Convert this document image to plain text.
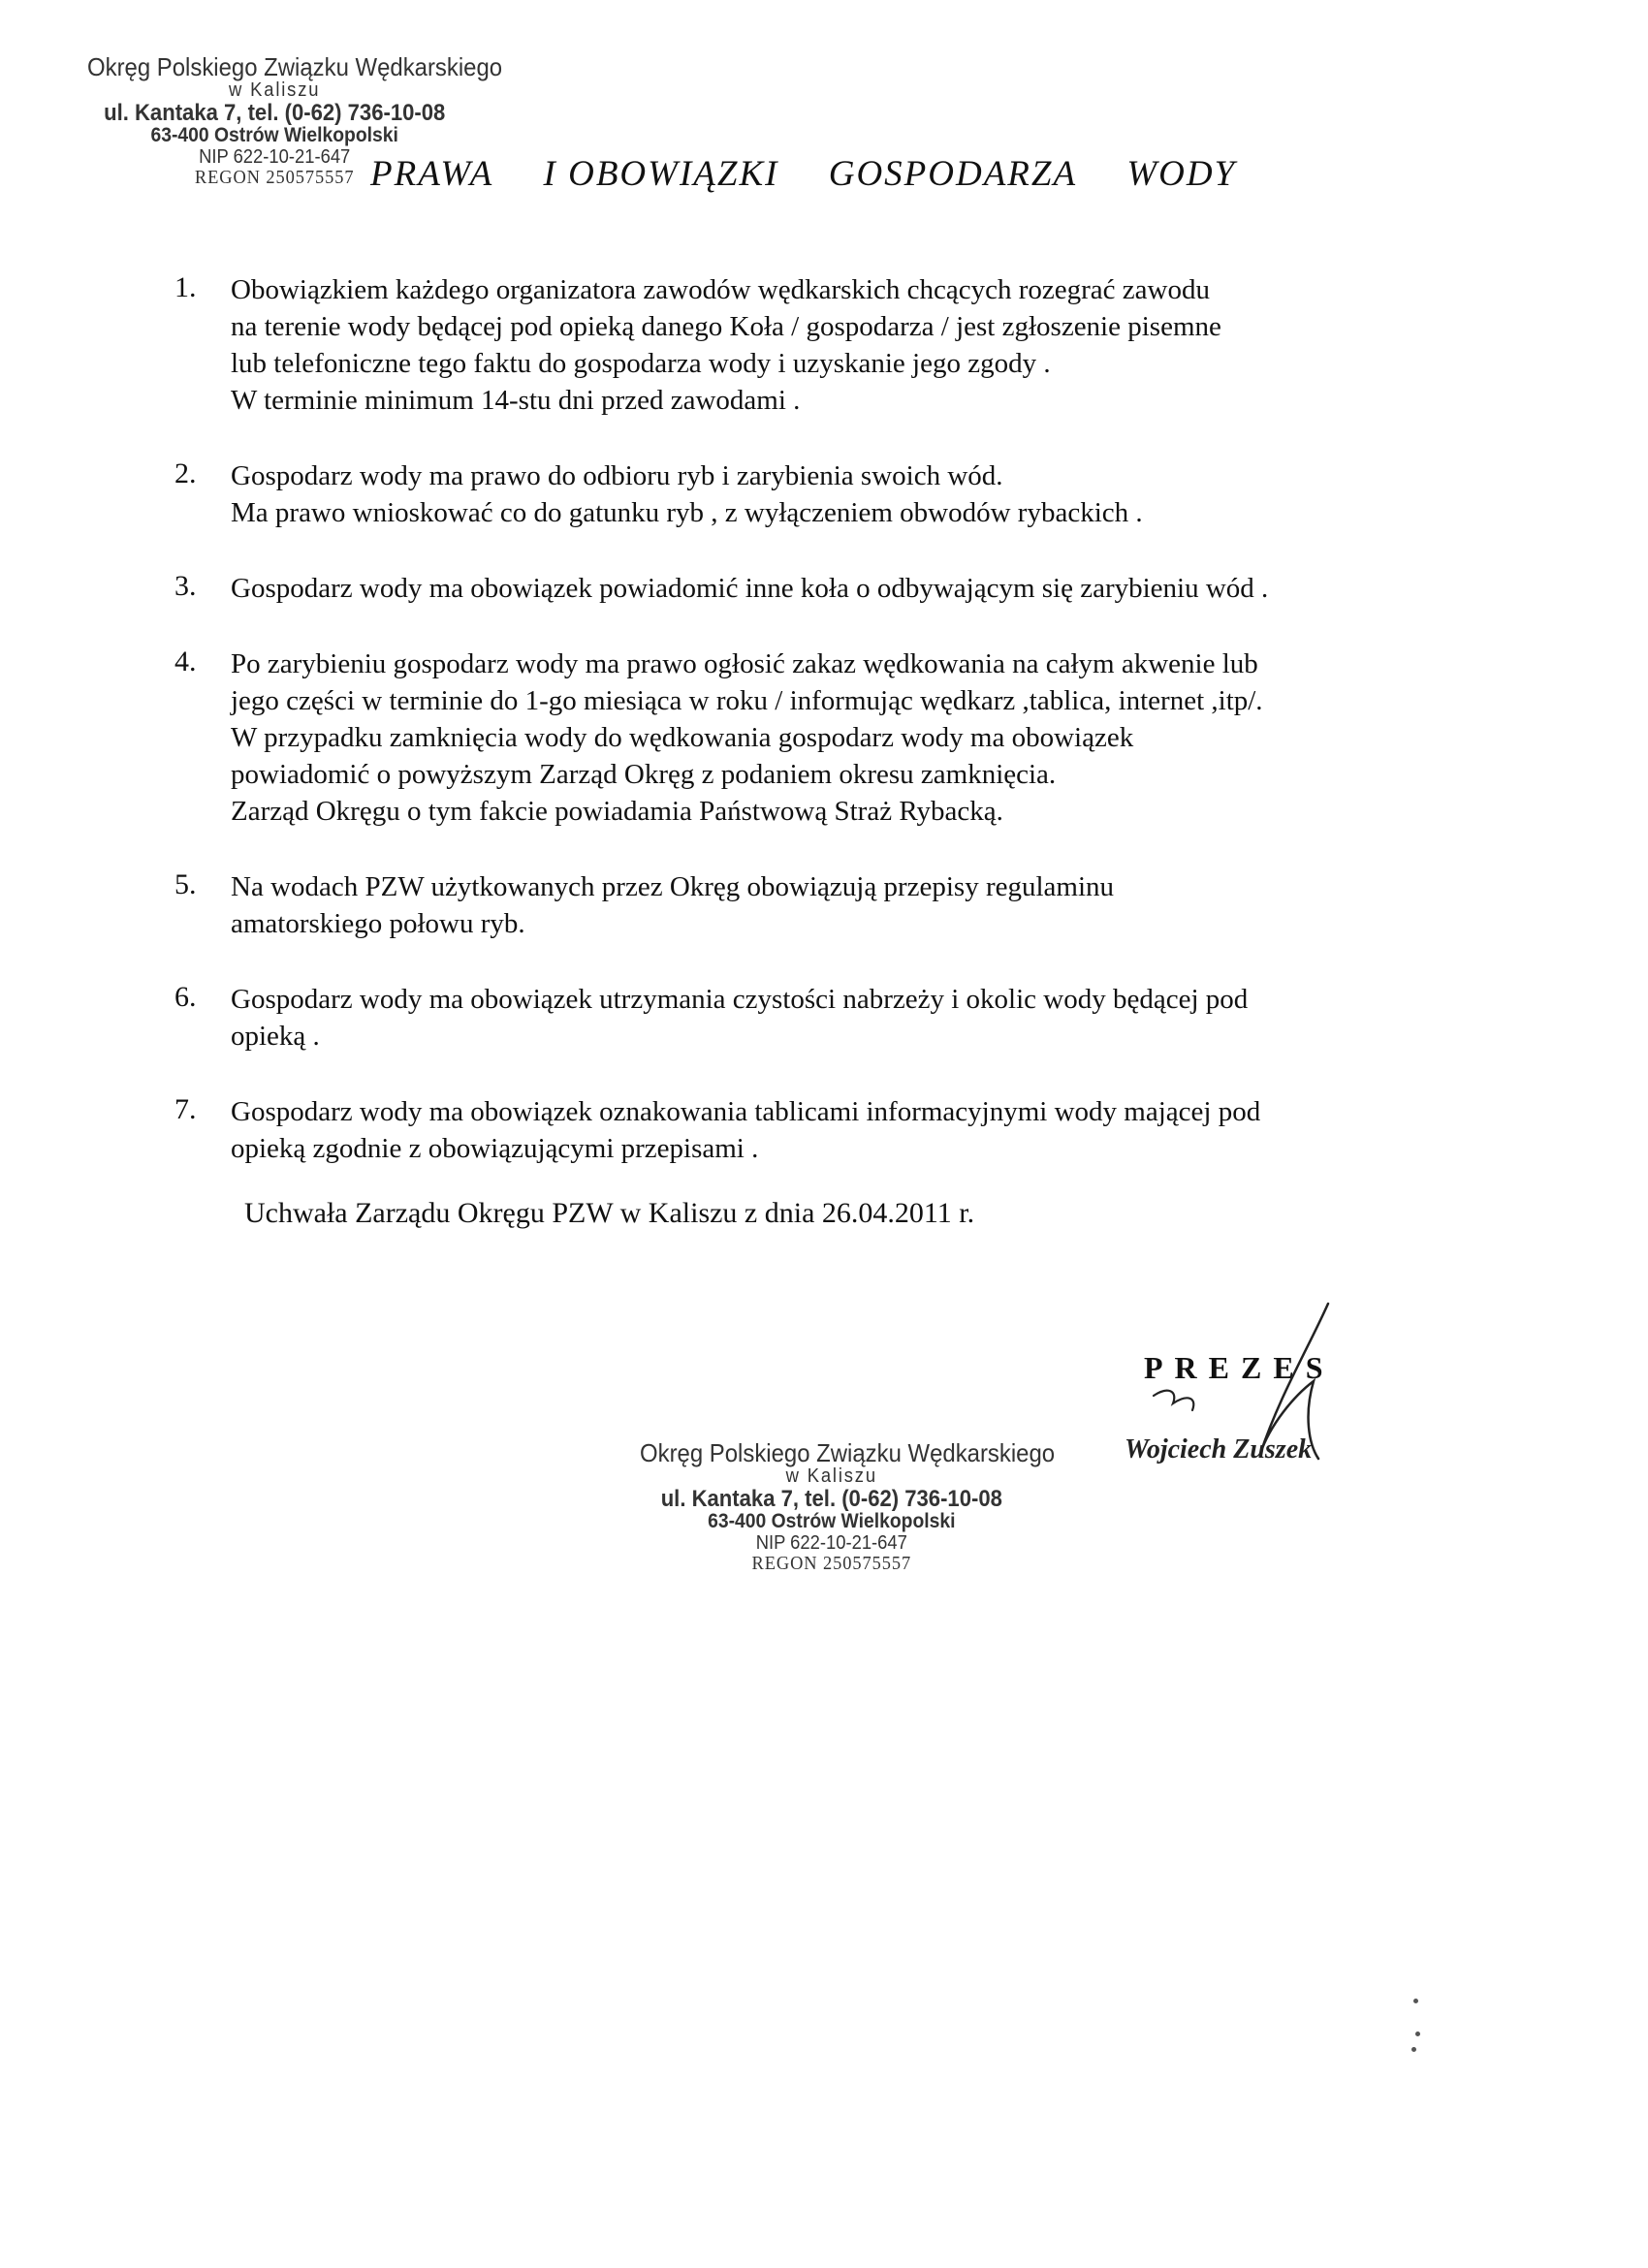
Okręg Polskiego Związku Wędkarskiego
w Kaliszu
ul. Kantaka 7, tel. (0-62) 736-10-08
63-400 Ostrów Wielkopolski
NIP 622-10-21-647
REGON 250575557 PRAWA I OBOWIĄZKI GOSPODARZA WODY
1. Obowiązkiem każdego organizatora zawodów wędkarskich chcących rozegrać zawodu
na terenie wody będącej pod opieką danego Koła / gospodarza / jest zgłoszenie pisemne
lub telefoniczne tego faktu do gospodarza wody i uzyskanie jego zgody .
W terminie minimum 14-stu dni przed zawodami .
2. Gospodarz wody ma prawo do odbioru ryb i zarybienia swoich wód.
Ma prawo wnioskować co do gatunku ryb , z wyłączeniem obwodów rybackich .
3. Gospodarz wody ma obowiązek powiadomić inne koła o odbywającym się zarybieniu wód .
4. Po zarybieniu gospodarz wody ma prawo ogłosić zakaz wędkowania na całym akwenie lub
jego części w terminie do 1-go miesiąca w roku / informując wędkarz ,tablica, internet ,itp/.
W przypadku zamknięcia wody do wędkowania gospodarz wody ma obowiązek
powiadomić o powyższym Zarząd Okręg z podaniem okresu zamknięcia.
Zarząd Okręgu o tym fakcie powiadamia Państwową Straż Rybacką.
5. Na wodach PZW użytkowanych przez Okręg obowiązują przepisy regulaminu
amatorskiego połowu ryb.
6. Gospodarz wody ma obowiązek utrzymania czystości nabrzeży i okolic wody będącej pod
opieką .
7. Gospodarz wody ma obowiązek oznakowania tablicami informacyjnymi wody mającej pod
opieką zgodnie z obowiązującymi przepisami .
Uchwała Zarządu Okręgu PZW w Kaliszu z dnia 26.04.2011 r.
Okręg Polskiego Związku Wędkarskiego
w Kaliszu
ul. Kantaka 7, tel. (0-62) 736-10-08
63-400 Ostrów Wielkopolski
NIP 622-10-21-647
REGON 250575557
PREZES
Wojciech Zuszek
